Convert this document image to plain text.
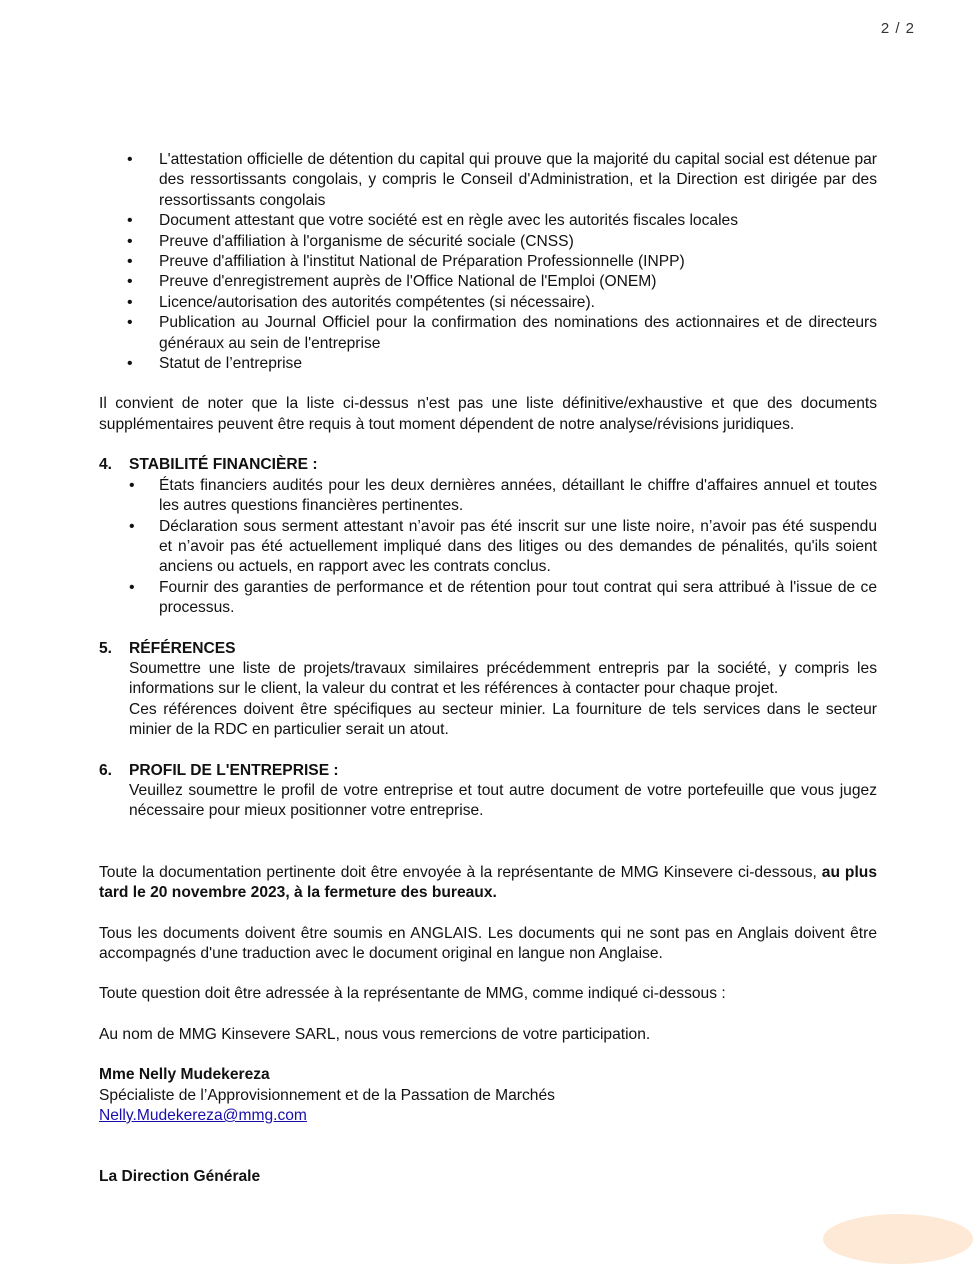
2 / 2
• L'attestation officielle de détention du capital qui prouve que la majorité du capital social est détenue par des ressortissants congolais, y compris le Conseil d'Administration, et la Direction est dirigée par des ressortissants congolais
• Document attestant que votre société est en règle avec les autorités fiscales locales
• Preuve d'affiliation à l'organisme de sécurité sociale (CNSS)
• Preuve d'affiliation à l'institut National de Préparation Professionnelle (INPP)
• Preuve d'enregistrement auprès de l'Office National de l'Emploi (ONEM)
• Licence/autorisation des autorités compétentes (si nécessaire).
• Publication au Journal Officiel pour la confirmation des nominations des actionnaires et de directeurs généraux au sein de l'entreprise
• Statut de l’entreprise

Il convient de noter que la liste ci-dessus n'est pas une liste définitive/exhaustive et que des documents supplémentaires peuvent être requis à tout moment dépendent de notre analyse/révisions juridiques.

4.	STABILITÉ FINANCIÈRE :
• États financiers audités pour les deux dernières années, détaillant le chiffre d'affaires annuel et toutes les autres questions financières pertinentes.
• Déclaration sous serment attestant n’avoir pas été inscrit sur une liste noire, n’avoir pas été suspendu et n’avoir pas été actuellement impliqué dans des litiges ou des demandes de pénalités, qu'ils soient anciens ou actuels, en rapport avec les contrats conclus.
• Fournir des garanties de performance et de rétention pour tout contrat qui sera attribué à l'issue de ce processus.
5.	RÉFÉRENCES

Soumettre une liste de projets/travaux similaires précédemment entrepris par la société, y compris les informations sur le client, la valeur du contrat et les références à contacter pour chaque projet.

Ces références doivent être spécifiques au secteur minier. La fourniture de tels services dans le secteur minier de la RDC en particulier serait un atout.

6.	PROFIL DE L'ENTREPRISE :

Veuillez soumettre le profil de votre entreprise et tout autre document de votre portefeuille que vous jugez nécessaire pour mieux positionner votre entreprise.

Toute la documentation pertinente doit être envoyée à la représentante de MMG Kinsevere ci-dessous, au plus tard le 20 novembre 2023, à la fermeture des bureaux.

Tous les documents doivent être soumis en ANGLAIS. Les documents qui ne sont pas en Anglais doivent être accompagnés d'une traduction avec le document original en langue non Anglaise.

Toute question doit être adressée à la représentante de MMG, comme indiqué ci-dessous :

Au nom de MMG Kinsevere SARL, nous vous remercions de votre participation.

Mme Nelly Mudekereza
Spécialiste de l’Approvisionnement et de la Passation de Marchés
Nelly.Mudekereza@mmg.com
La Direction Générale
